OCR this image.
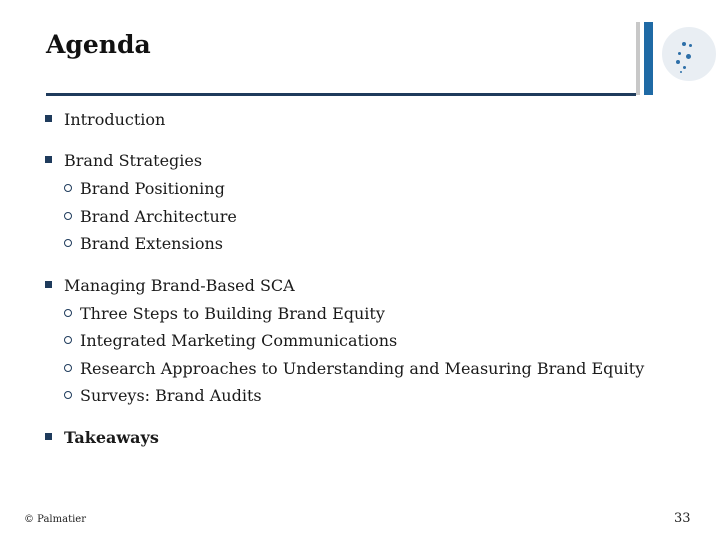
Agenda
Introduction
Brand Strategies
Brand Positioning
Brand Architecture
Brand Extensions
Managing Brand-Based SCA
Three Steps to Building Brand Equity
Integrated Marketing Communications
Research Approaches to Understanding and Measuring Brand Equity
Surveys: Brand Audits
Takeaways
© Palmatier	33
